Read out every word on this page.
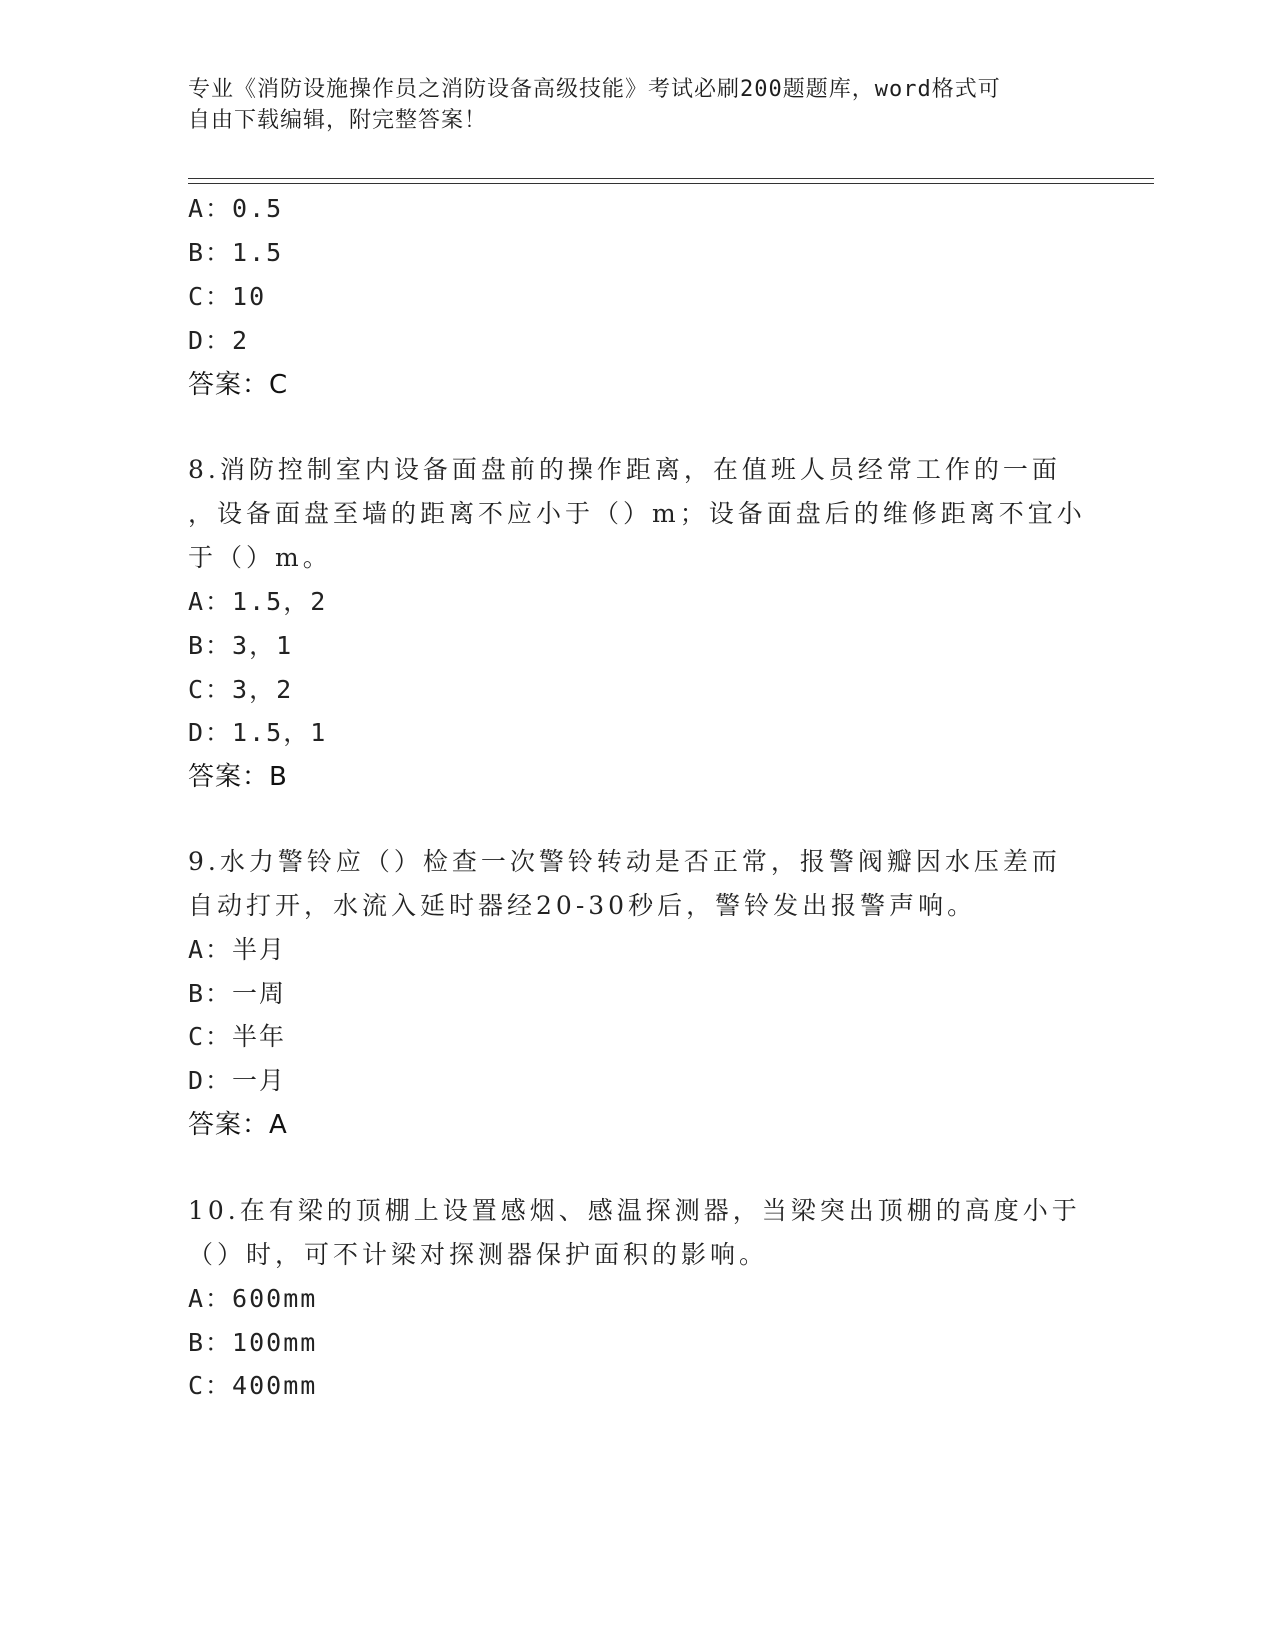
专业《消防设施操作员之消防设备高级技能》考试必刷200题题库，word格式可
自由下载编辑，附完整答案！
A：0.5
B：1.5
C：10
D：2
答案：C
8.消防控制室内设备面盘前的操作距离，在值班人员经常工作的一面
，设备面盘至墙的距离不应小于（）m；设备面盘后的维修距离不宜小
于（）m。
A：1.5，2
B：3，1
C：3，2
D：1.5，1
答案：B
9.水力警铃应（）检查一次警铃转动是否正常，报警阀瓣因水压差而
自动打开，水流入延时器经20-30秒后，警铃发出报警声响。
A：半月
B：一周
C：半年
D：一月
答案：A
10.在有梁的顶棚上设置感烟、感温探测器，当梁突出顶棚的高度小于
（）时，可不计梁对探测器保护面积的影响。
A：600mm
B：100mm
C：400mm
